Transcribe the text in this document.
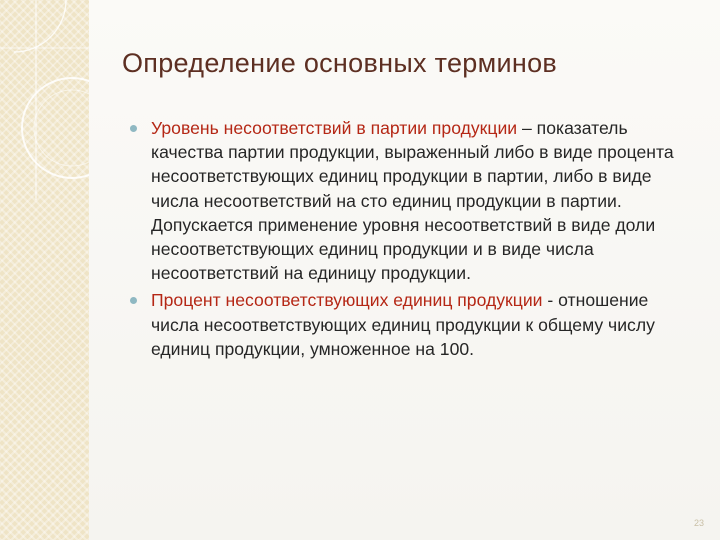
Определение основных терминов
Уровень несоответствий в партии продукции – показатель качества партии продукции, выраженный либо в виде процента несоответствующих единиц продукции в партии, либо в виде числа несоответствий на сто единиц продукции в партии. Допускается применение уровня несоответствий в виде доли несоответствующих единиц продукции и в виде числа несоответствий на единицу продукции.
Процент несоответствующих единиц продукции - отношение числа несоответствующих единиц продукции к общему числу единиц продукции, умноженное на 100.
23
